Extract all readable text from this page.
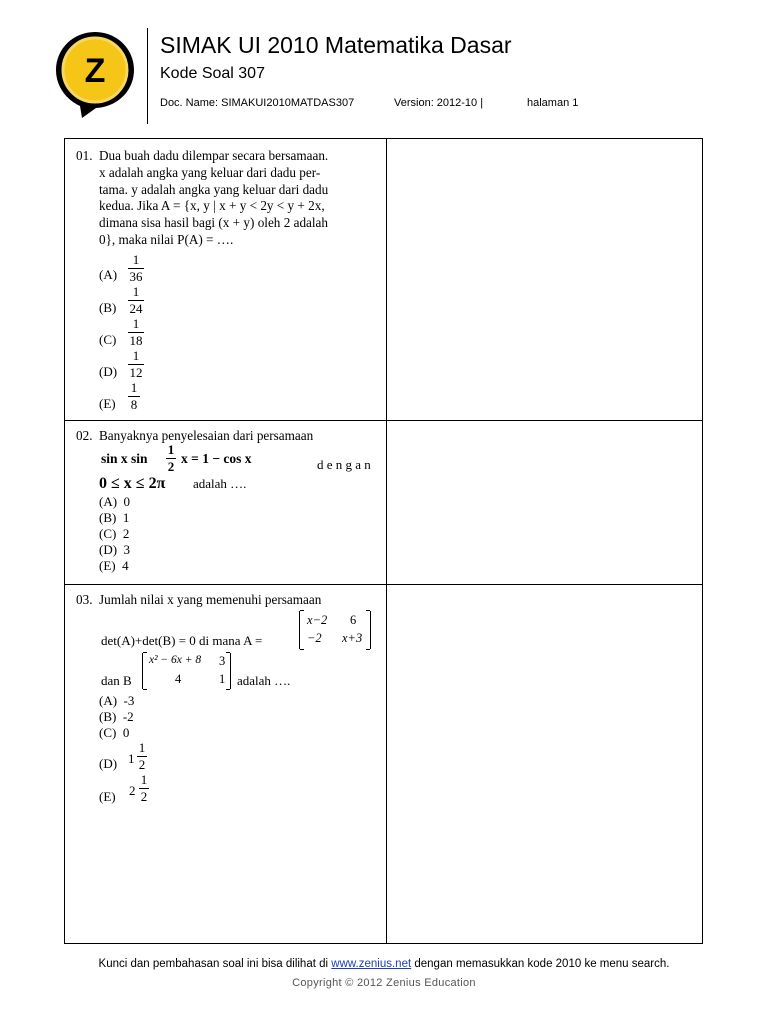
Z
SIMAK UI 2010 Matematika Dasar
Kode Soal 307
Doc. Name: SIMAKUI2010MATDAS307	Version: 2012-10 |	halaman 1
01. Dua buah dadu dilempar secara bersamaan.
x adalah angka yang keluar dari dadu per-
tama. y adalah angka yang keluar dari dadu
kedua. Jika A = {x, y | x + y < 2y < y + 2x,
dimana sisa hasil bagi (x + y) oleh 2 adalah
0}, maka nilai P(A) = ….
(A)
1
36
(B)
1
24
(C)
1
18
(D)
1
12
(E)
1
8
02. Banyaknya penyelesaian dari persamaan
sin x sin
1
2
x = 1 − cos x	d e n g a n
0 ≤ x ≤ 2π adalah ….
(A) 0
(B) 1
(C) 2
(D) 3
(E) 4
03. Jumlah nilai x yang memenuhi persamaan
det(A)+det(B) = 0 di mana A =
x−2 6
−2 x+3
dan B
x² − 6x + 8 3
4	1 adalah ….
(A) -3
(B) -2
(C) 0
(D) 1
1
2
(E) 2
1
2
Kunci dan pembahasan soal ini bisa dilihat di www.zenius.net dengan memasukkan kode 2010 ke menu search.
Copyright © 2012 Zenius Education
